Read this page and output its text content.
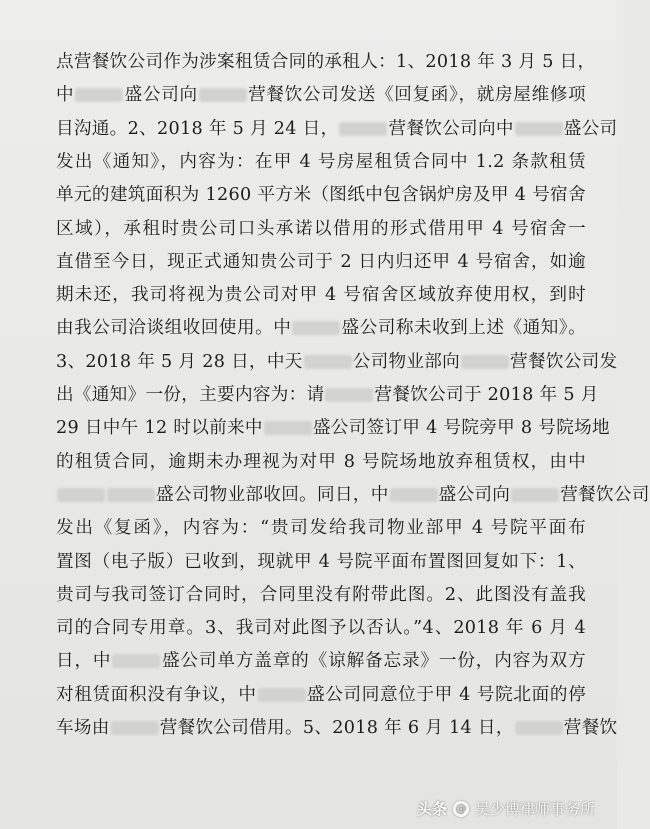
点营餐饮公司作为涉案租赁合同的承租人：1、2018 年 3 月 5 日，
中	盛公司向	营餐饮公司发送《回复函》，就房屋维修项
目沟通。2、2018 年 5 月 24 日，	营餐饮公司向中	盛公司
发出《通知》，内容为：在甲 4 号房屋租赁合同中 1.2 条款租赁
单元的建筑面积为 1260 平方米（图纸中包含锅炉房及甲 4 号宿舍
区域），承租时贵公司口头承诺以借用的形式借用甲 4 号宿舍一
直借至今日，现正式通知贵公司于 2 日内归还甲 4 号宿舍，如逾
期未还，我司将视为贵公司对甲 4 号宿舍区域放弃使用权，到时
由我公司洽谈组收回使用。中	盛公司称未收到上述《通知》。
3、2018 年 5 月 28 日，中天	公司物业部向	营餐饮公司发
出《通知》一份，主要内容为：请	营餐饮公司于 2018 年 5 月
29 日中午 12 时以前来中	盛公司签订甲 4 号院旁甲 8 号院场地
的租赁合同，逾期未办理视为对甲 8 号院场地放弃租赁权，由中
盛公司物业部收回。同日，中	盛公司向	营餐饮公司
发出《复函》，内容为：“贵司发给我司物业部甲 4 号院平面布
置图（电子版）已收到，现就甲 4 号院平面布置图回复如下：1、
贵司与我司签订合同时，合同里没有附带此图。2、此图没有盖我
司的合同专用章。3、我司对此图予以否认。”4、2018 年 6 月 4
日，中	盛公司单方盖章的《谅解备忘录》一份，内容为双方
对租赁面积没有争议，中	盛公司同意位于甲 4 号院北面的停
车场由	营餐饮公司借用。5、2018 年 6 月 14 日，	营餐饮
头条 @ 吴少博律师事务所
